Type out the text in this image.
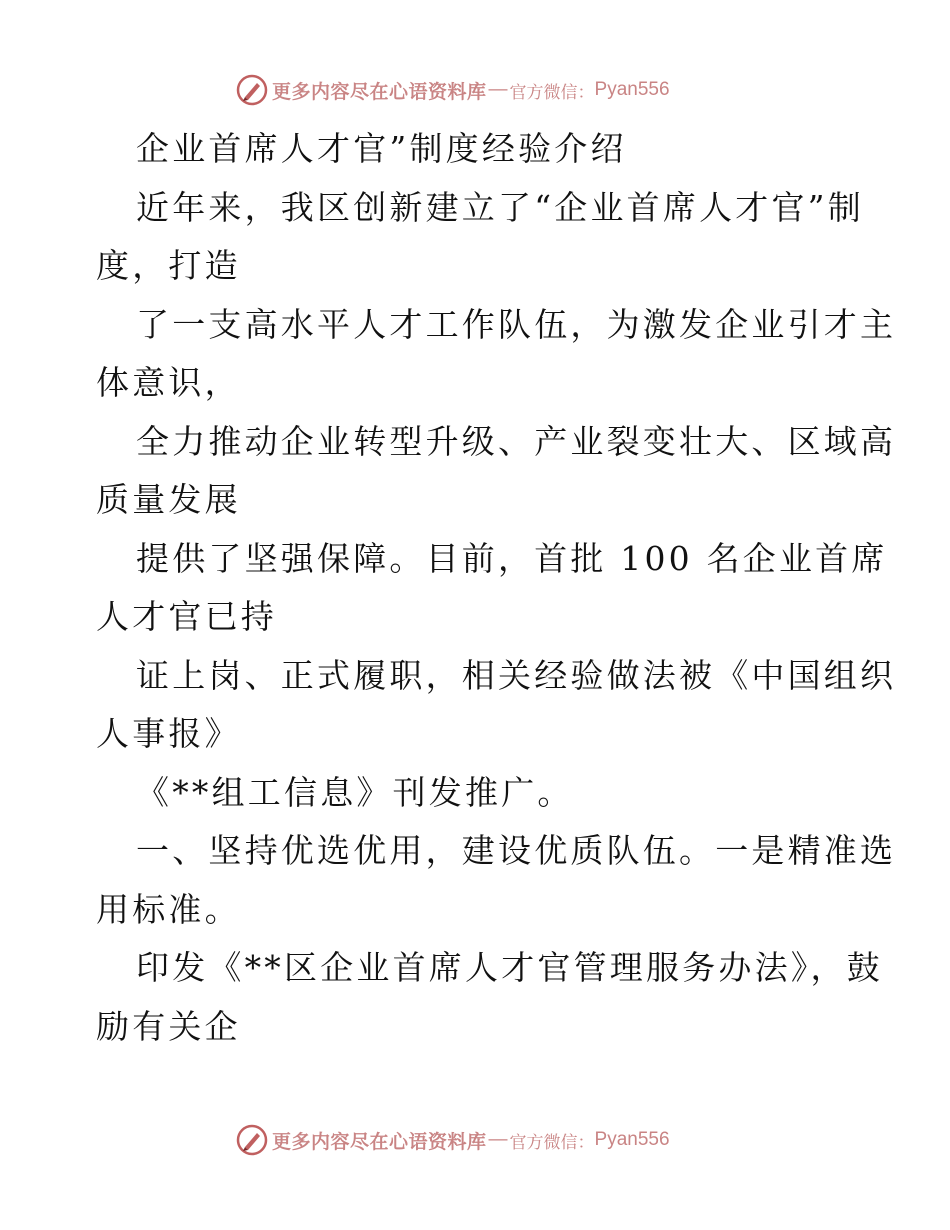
更多内容尽在心语资料库 — 官方微信： Pyan556
企业首席人才官”制度经验介绍
近年来，我区创新建立了“企业首席人才官”制
度，打造
了一支高水平人才工作队伍，为激发企业引才主
体意识，
全力推动企业转型升级、产业裂变壮大、区域高
质量发展
提供了坚强保障。目前，首批 100 名企业首席
人才官已持
证上岗、正式履职，相关经验做法被《中国组织
人事报》
《**组工信息》刊发推广。
一、坚持优选优用，建设优质队伍。一是精准选
用标准。
印发《**区企业首席人才官管理服务办法》，鼓
励有关企
更多内容尽在心语资料库 — 官方微信： Pyan556
